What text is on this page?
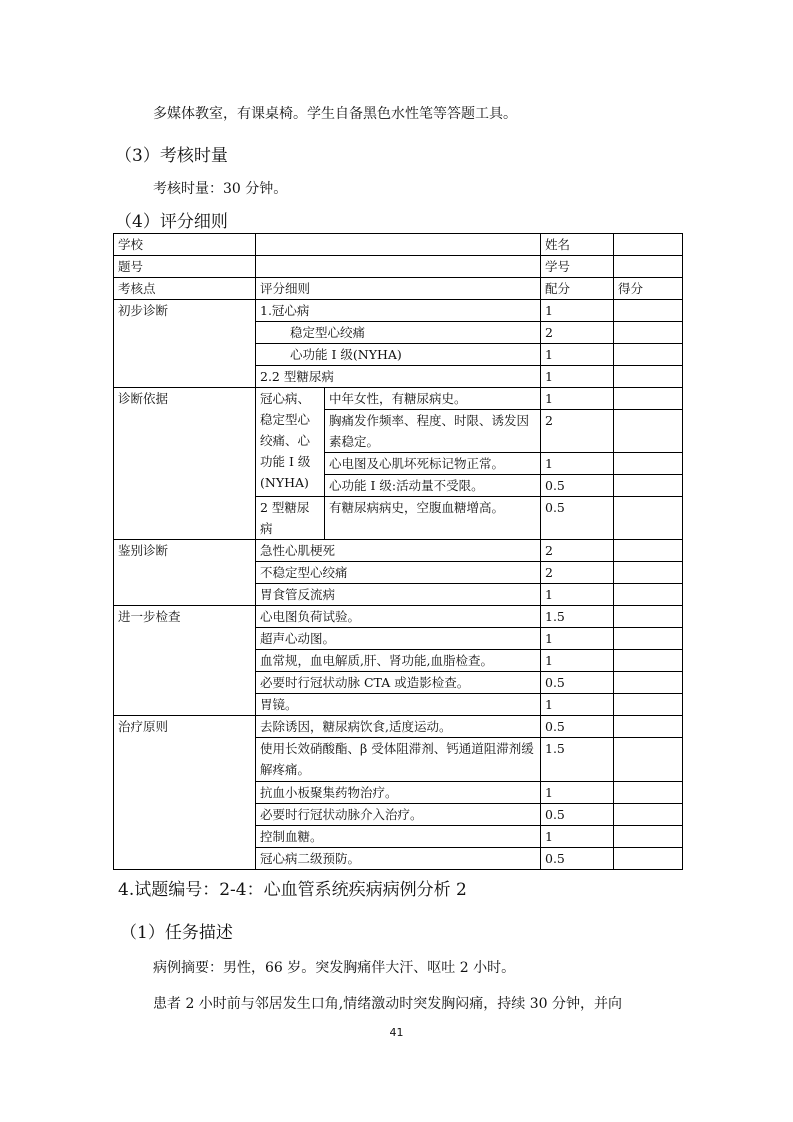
多媒体教室，有课桌椅。学生自备黑色水性笔等答题工具。
（3）考核时量
考核时量：30 分钟。
（4）评分细则
学校			姓名	
题号			学号	
考核点	评分细则		配分	得分
初步诊断	1.冠心病		1	
	稳定型心绞痛		2	
	心功能 I 级(NYHA)		1	
	2.2 型糖尿病		1	
诊断依据	冠心病、稳定型心绞痛、心功能 I 级(NYHA)	中年女性，有糖尿病史。	1	
		胸痛发作频率、程度、时限、诱发因素稳定。	2	
		心电图及心肌坏死标记物正常。	1	
		心功能 I 级:活动量不受限。	0.5	
	2 型糖尿病	有糖尿病病史，空腹血糖增高。	0.5	
鉴别诊断	急性心肌梗死		2	
	不稳定型心绞痛		2	
	胃食管反流病		1	
进一步检查	心电图负荷试验。		1.5	
	超声心动图。		1	
	血常规，血电解质,肝、肾功能,血脂检查。		1	
	必要时行冠状动脉 CTA 或造影检查。		0.5	
	胃镜。		1	
治疗原则	去除诱因，糖尿病饮食,适度运动。		0.5	
	使用长效硝酸酯、β 受体阻滞剂、钙通道阻滞剂缓解疼痛。		1.5	
	抗血小板聚集药物治疗。		1	
	必要时行冠状动脉介入治疗。		0.5	
	控制血糖。		1	
	冠心病二级预防。		0.5	
4.试题编号：2-4：心血管系统疾病病例分析 2
（1）任务描述
病例摘要：男性，66 岁。突发胸痛伴大汗、呕吐 2 小时。
患者 2 小时前与邻居发生口角,情绪激动时突发胸闷痛，持续 30 分钟，并向
41
